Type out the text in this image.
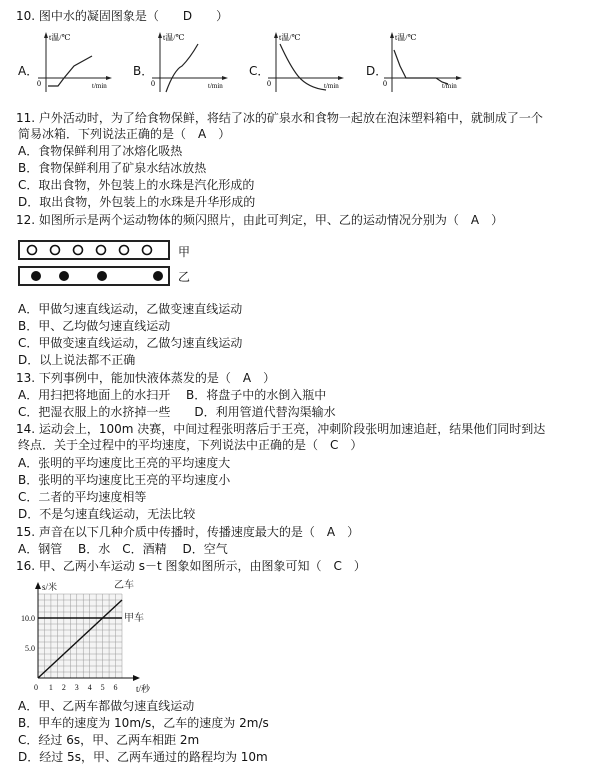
10. 图中水的凝固图象是（　　D　　）
A．	B．	C．	D．
t温/℃
t/min
0
t温/℃
t/min
0
t温/℃
t/min
0
t温/℃
t/min
0
11. 户外活动时，为了给食物保鲜，将结了冰的矿泉水和食物一起放在泡沫塑料箱中，就制成了一个
简易冰箱．下列说法正确的是（　A　）
A．食物保鲜利用了冰熔化吸热
B．食物保鲜利用了矿泉水结冰放热
C．取出食物，外包装上的水珠是汽化形成的
D．取出食物，外包装上的水珠是升华形成的
12. 如图所示是两个运动物体的频闪照片，由此可判定，甲、乙的运动情况分别为（　A　）
甲
乙
A．甲做匀速直线运动，乙做变速直线运动
B．甲、乙均做匀速直线运动
C．甲做变速直线运动，乙做匀速直线运动
D．以上说法都不正确
13. 下列事例中，能加快液体蒸发的是（　A　）
A．用扫把将地面上的水扫开　 B．将盘子中的水倒入瓶中
C．把湿衣服上的水挤掉一些　　D．利用管道代替沟渠输水
14. 运动会上，100m 决赛，中间过程张明落后于王亮，冲刺阶段张明加速追赶，结果他们同时到达
终点．关于全过程中的平均速度，下列说法中正确的是（　C　）
A．张明的平均速度比王亮的平均速度大
B．张明的平均速度比王亮的平均速度小
C．二者的平均速度相等
D．不是匀速直线运动，无法比较
15. 声音在以下几种介质中传播时，传播速度最大的是（　A　）
A．钢管　 B．水　C．酒精　 D．空气
16. 甲、乙两小车运动 s－t 图象如图所示，由图象可知（　C　）
5.0
10.0
0 1 2 3 4 5 6
s/米
t/秒
甲车
乙车
A．甲、乙两车都做匀速直线运动
B．甲车的速度为 10m/s，乙车的速度为 2m/s
C．经过 6s，甲、乙两车相距 2m
D．经过 5s，甲、乙两车通过的路程均为 10m
